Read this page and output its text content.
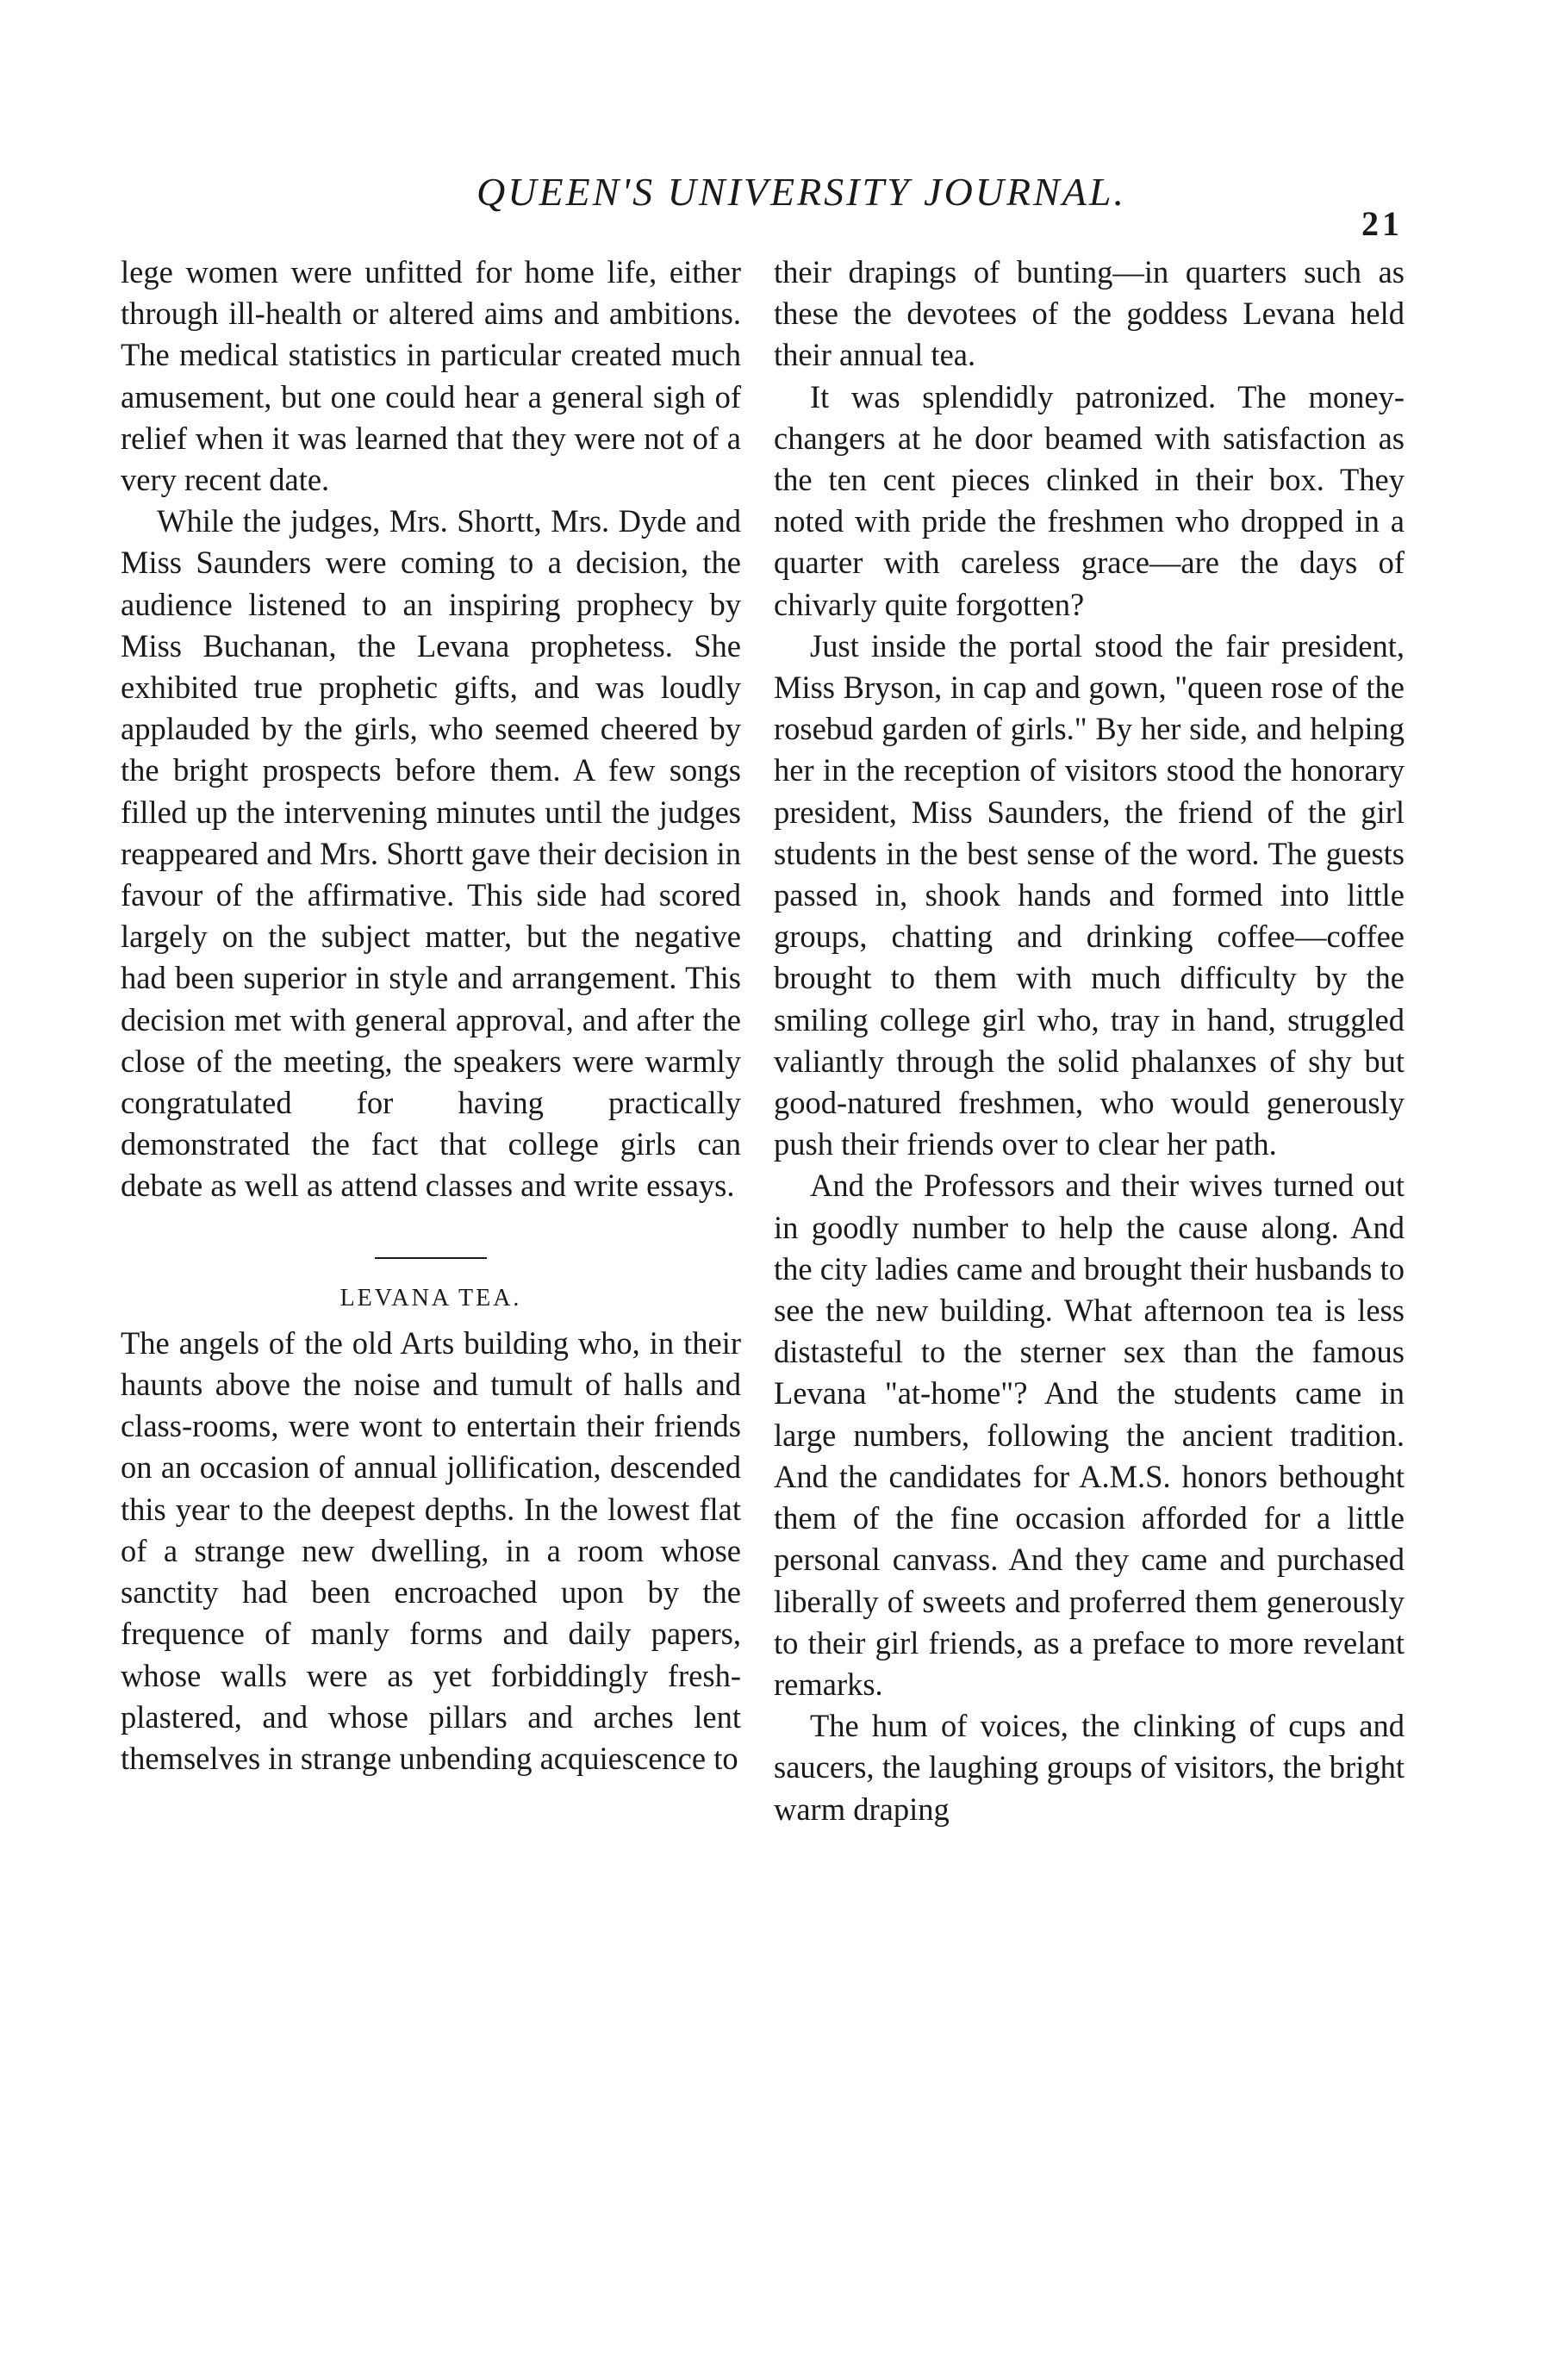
QUEEN'S UNIVERSITY JOURNAL.
21

lege women were unfitted for home life, either through ill-health or altered aims and ambitions. The medical statistics in particular created much amusement, but one could hear a general sigh of relief when it was learned that they were not of a very recent date.

While the judges, Mrs. Shortt, Mrs. Dyde and Miss Saunders were coming to a decision, the audience listened to an inspiring prophecy by Miss Buchanan, the Levana prophetess. She exhibited true prophetic gifts, and was loudly applauded by the girls, who seemed cheered by the bright prospects before them. A few songs filled up the intervening minutes until the judges reappeared and Mrs. Shortt gave their decision in favour of the affirmative. This side had scored largely on the subject matter, but the negative had been superior in style and arrangement. This decision met with general approval, and after the close of the meeting, the speakers were warmly congratulated for having practically demonstrated the fact that college girls can debate as well as attend classes and write essays.

LEVANA TEA.

The angels of the old Arts building who, in their haunts above the noise and tumult of halls and class-rooms, were wont to entertain their friends on an occasion of annual jollification, descended this year to the deepest depths. In the lowest flat of a strange new dwelling, in a room whose sanctity had been encroached upon by the frequence of manly forms and daily papers, whose walls were as yet forbiddingly fresh-plastered, and whose pillars and arches lent themselves in strange unbending acquiescence to

their drapings of bunting—in quarters such as these the devotees of the goddess Levana held their annual tea.

It was splendidly patronized. The money-changers at he door beamed with satisfaction as the ten cent pieces clinked in their box. They noted with pride the freshmen who dropped in a quarter with careless grace—are the days of chivarly quite forgotten?

Just inside the portal stood the fair president, Miss Bryson, in cap and gown, "queen rose of the rosebud garden of girls." By her side, and helping her in the reception of visitors stood the honorary president, Miss Saunders, the friend of the girl students in the best sense of the word. The guests passed in, shook hands and formed into little groups, chatting and drinking coffee—coffee brought to them with much difficulty by the smiling college girl who, tray in hand, struggled valiantly through the solid phalanxes of shy but good-natured freshmen, who would generously push their friends over to clear her path.

And the Professors and their wives turned out in goodly number to help the cause along. And the city ladies came and brought their husbands to see the new building. What afternoon tea is less distasteful to the sterner sex than the famous Levana "at-home"? And the students came in large numbers, following the ancient tradition. And the candidates for A.M.S. honors bethought them of the fine occasion afforded for a little personal canvass. And they came and purchased liberally of sweets and proferred them generously to their girl friends, as a preface to more revelant remarks.

The hum of voices, the clinking of cups and saucers, the laughing groups of visitors, the bright warm draping
